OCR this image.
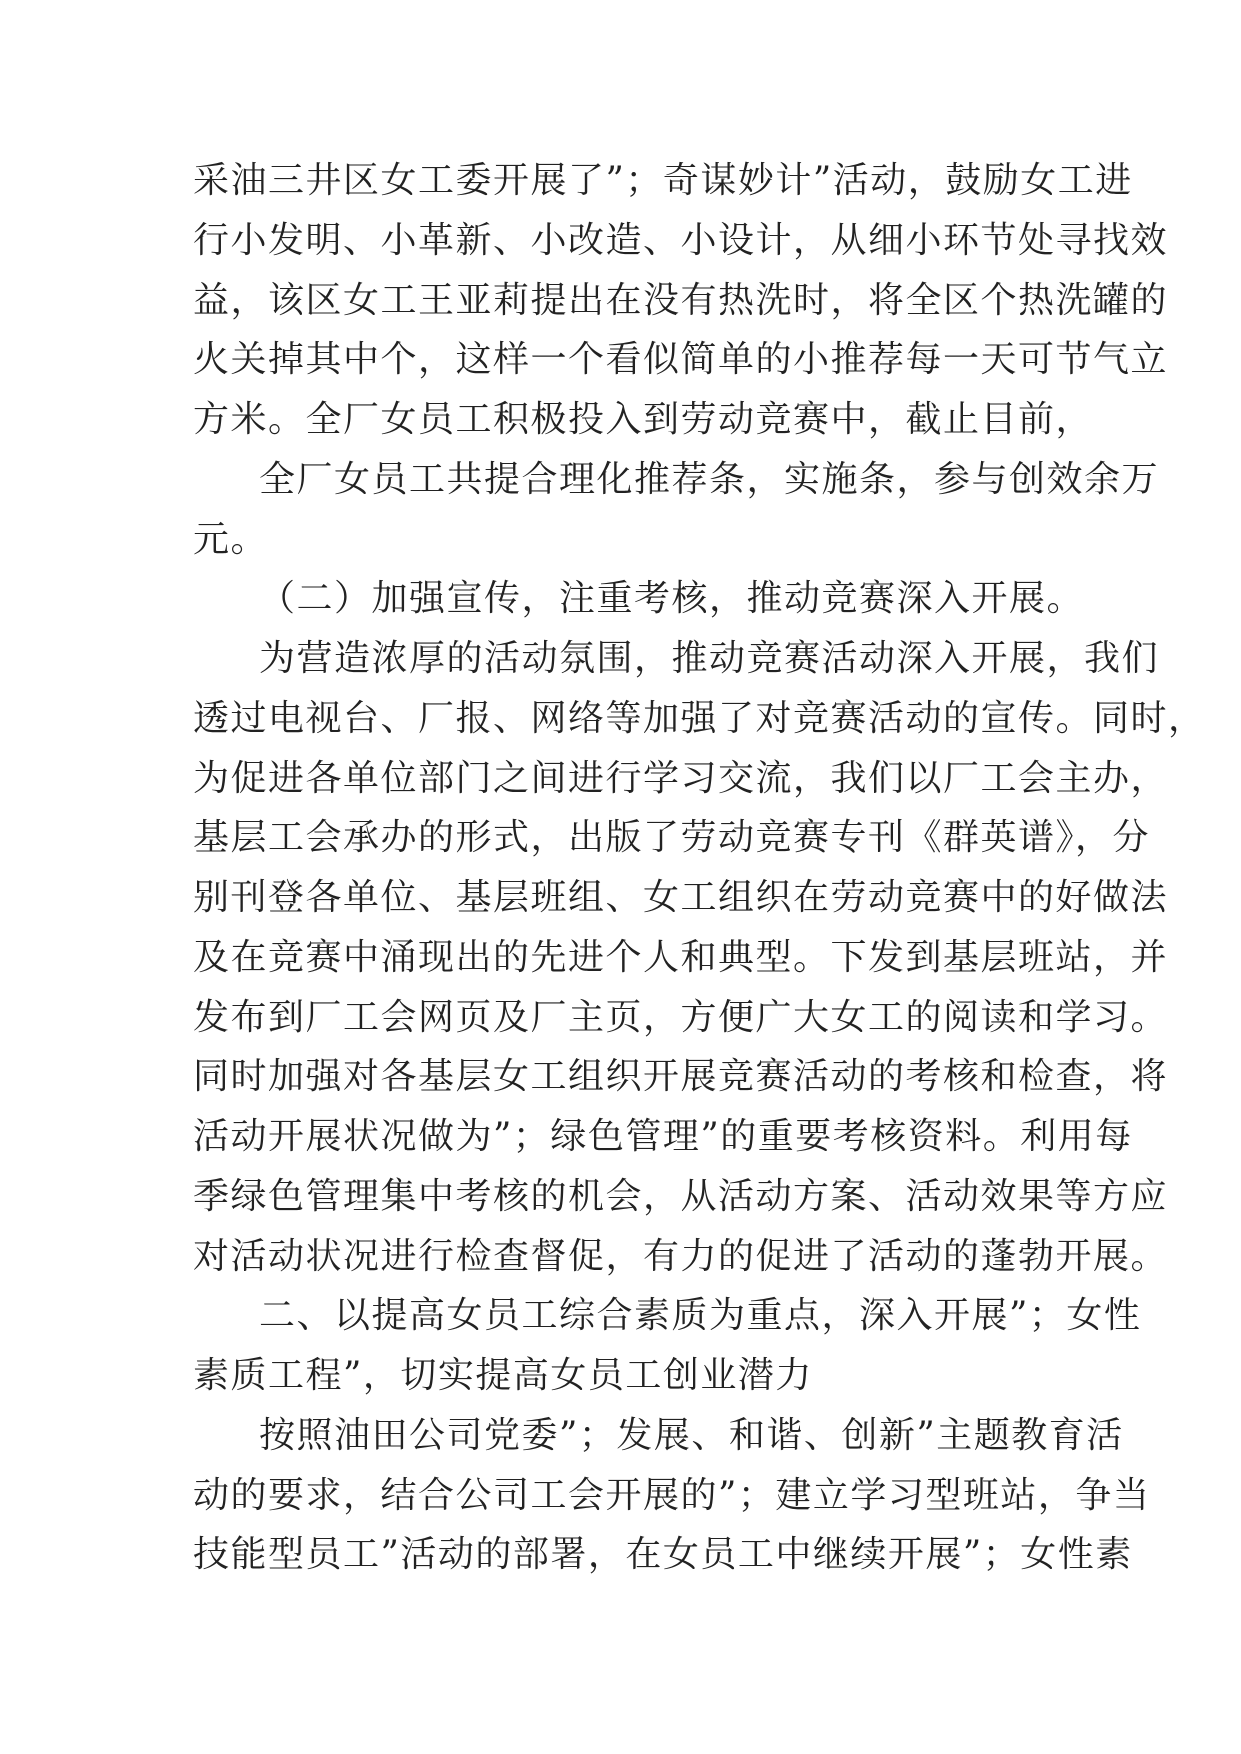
采油三井区女工委开展了”；奇谋妙计”活动，鼓励女工进
行小发明、小革新、小改造、小设计，从细小环节处寻找效
益，该区女工王亚莉提出在没有热洗时，将全区个热洗罐的
火关掉其中个，这样一个看似简单的小推荐每一天可节气立
方米。全厂女员工积极投入到劳动竞赛中，截止目前，
全厂女员工共提合理化推荐条，实施条，参与创效余万
元。
（二）加强宣传，注重考核，推动竞赛深入开展。
为营造浓厚的活动氛围，推动竞赛活动深入开展，我们
透过电视台、厂报、网络等加强了对竞赛活动的宣传。同时，
为促进各单位部门之间进行学习交流，我们以厂工会主办，
基层工会承办的形式，出版了劳动竞赛专刊《群英谱》，分
别刊登各单位、基层班组、女工组织在劳动竞赛中的好做法
及在竞赛中涌现出的先进个人和典型。下发到基层班站，并
发布到厂工会网页及厂主页，方便广大女工的阅读和学习。
同时加强对各基层女工组织开展竞赛活动的考核和检查，将
活动开展状况做为”；绿色管理”的重要考核资料。利用每
季绿色管理集中考核的机会，从活动方案、活动效果等方应
对活动状况进行检查督促，有力的促进了活动的蓬勃开展。
二、以提高女员工综合素质为重点，深入开展”；女性
素质工程”，切实提高女员工创业潜力
按照油田公司党委”；发展、和谐、创新”主题教育活
动的要求，结合公司工会开展的”；建立学习型班站，争当
技能型员工”活动的部署，在女员工中继续开展”；女性素
